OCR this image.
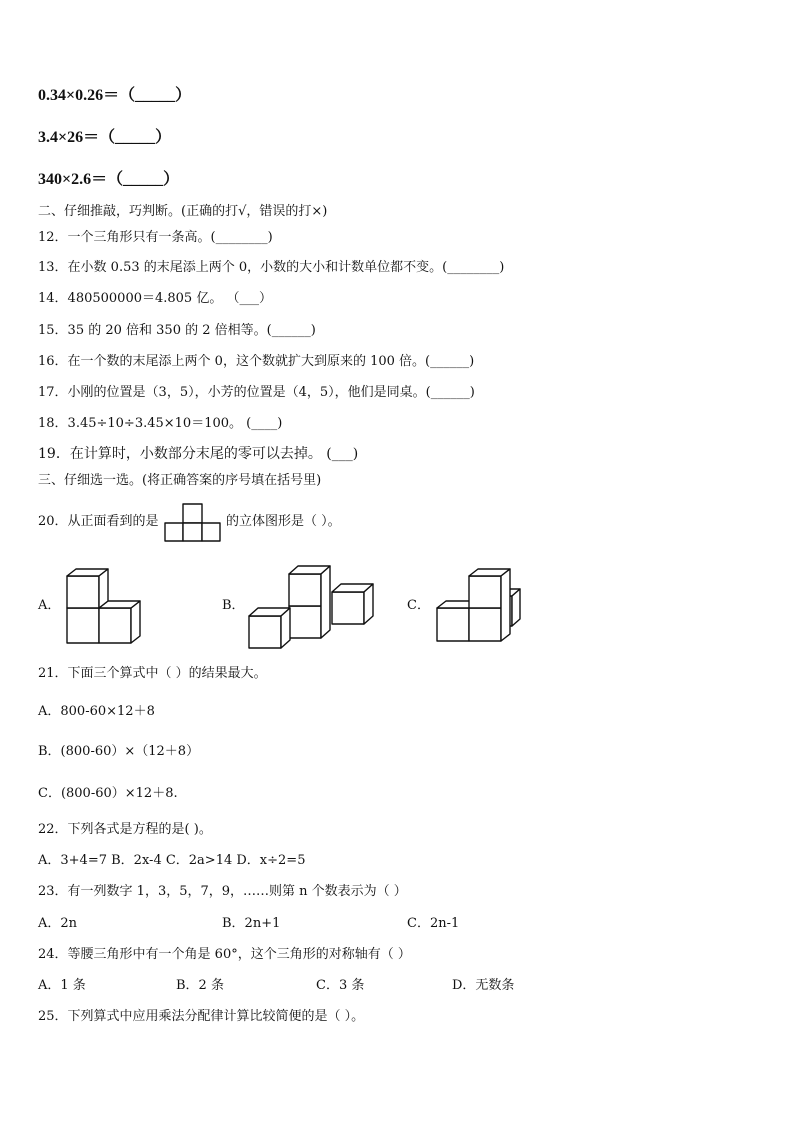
0.34×0.26＝（_____）
3.4×26＝（_____）
340×2.6＝（_____）
二、仔细推敲，巧判断。(正确的打√，错误的打×)
12．一个三角形只有一条高。(________)
13．在小数 0.53 的末尾添上两个 0，小数的大小和计数单位都不变。(________)
14．480500000＝4.805 亿。 （___）
15．35 的 20 倍和 350 的 2 倍相等。(______)
16．在一个数的末尾添上两个 0，这个数就扩大到原来的 100 倍。(______)
17．小刚的位置是（3，5），小芳的位置是（4，5），他们是同桌。(______)
18．3.45÷10÷3.45×10＝100。 (____)
19．在计算时，小数部分末尾的零可以去掉。 (___)
三、仔细选一选。(将正确答案的序号填在括号里)
20．从正面看到的是	的立体图形是（ ）。
A．	B．	C．
21．下面三个算式中（ ）的结果最大。
A．800-60×12＋8
B．(800-60）×（12＋8）
C．(800-60）×12＋8.
22．下列各式是方程的是( )。
A．3+4=7 B．2x-4 C．2a>14 D．x÷2=5
23．有一列数字 1，3，5，7，9，……则第 n 个数表示为（ ）
A．2n	B．2n+1	C．2n-1
24．等腰三角形中有一个角是 60°，这个三角形的对称轴有（ ）
A．1 条	B．2 条	C．3 条	D．无数条
25．下列算式中应用乘法分配律计算比较简便的是（ ）。
